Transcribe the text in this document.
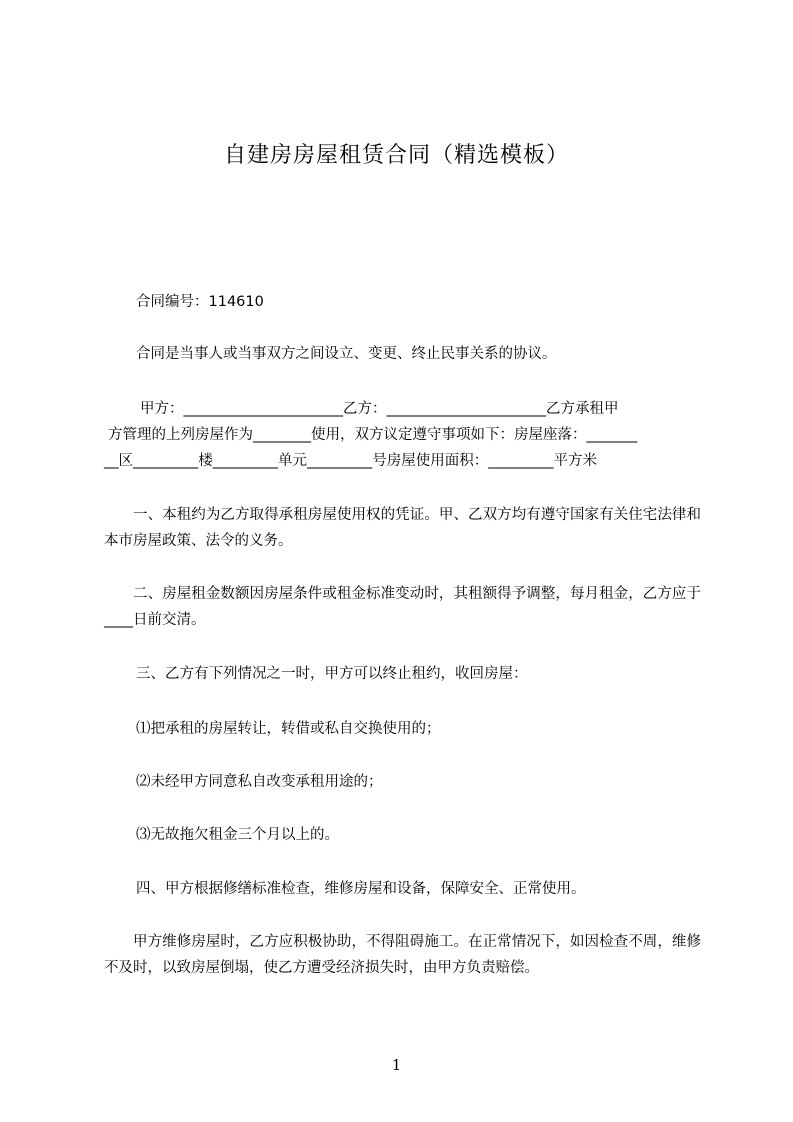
自建房房屋租赁合同（精选模板）
合同编号：114610
合同是当事人或当事双方之间设立、变更、终止民事关系的协议。
甲方：______________________乙方：______________________乙方承租甲
方管理的上列房屋作为________使用，双方议定遵守事项如下：房屋座落：_______
__区_________楼_________单元_________号房屋使用面积：_________平方米
一、本租约为乙方取得承租房屋使用权的凭证。甲、乙双方均有遵守国家有关住宅法律和本市房屋政策、法令的义务。
二、房屋租金数额因房屋条件或租金标准变动时，其租额得予调整，每月租金，乙方应于____日前交清。
三、乙方有下列情况之一时，甲方可以终止租约，收回房屋：
⑴把承租的房屋转让，转借或私自交换使用的；
⑵未经甲方同意私自改变承租用途的；
⑶无故拖欠租金三个月以上的。
四、甲方根据修缮标准检查，维修房屋和设备，保障安全、正常使用。
甲方维修房屋时，乙方应积极协助，不得阻碍施工。在正常情况下，如因检查不周，维修不及时，以致房屋倒塌，使乙方遭受经济损失时，由甲方负责赔偿。
1
